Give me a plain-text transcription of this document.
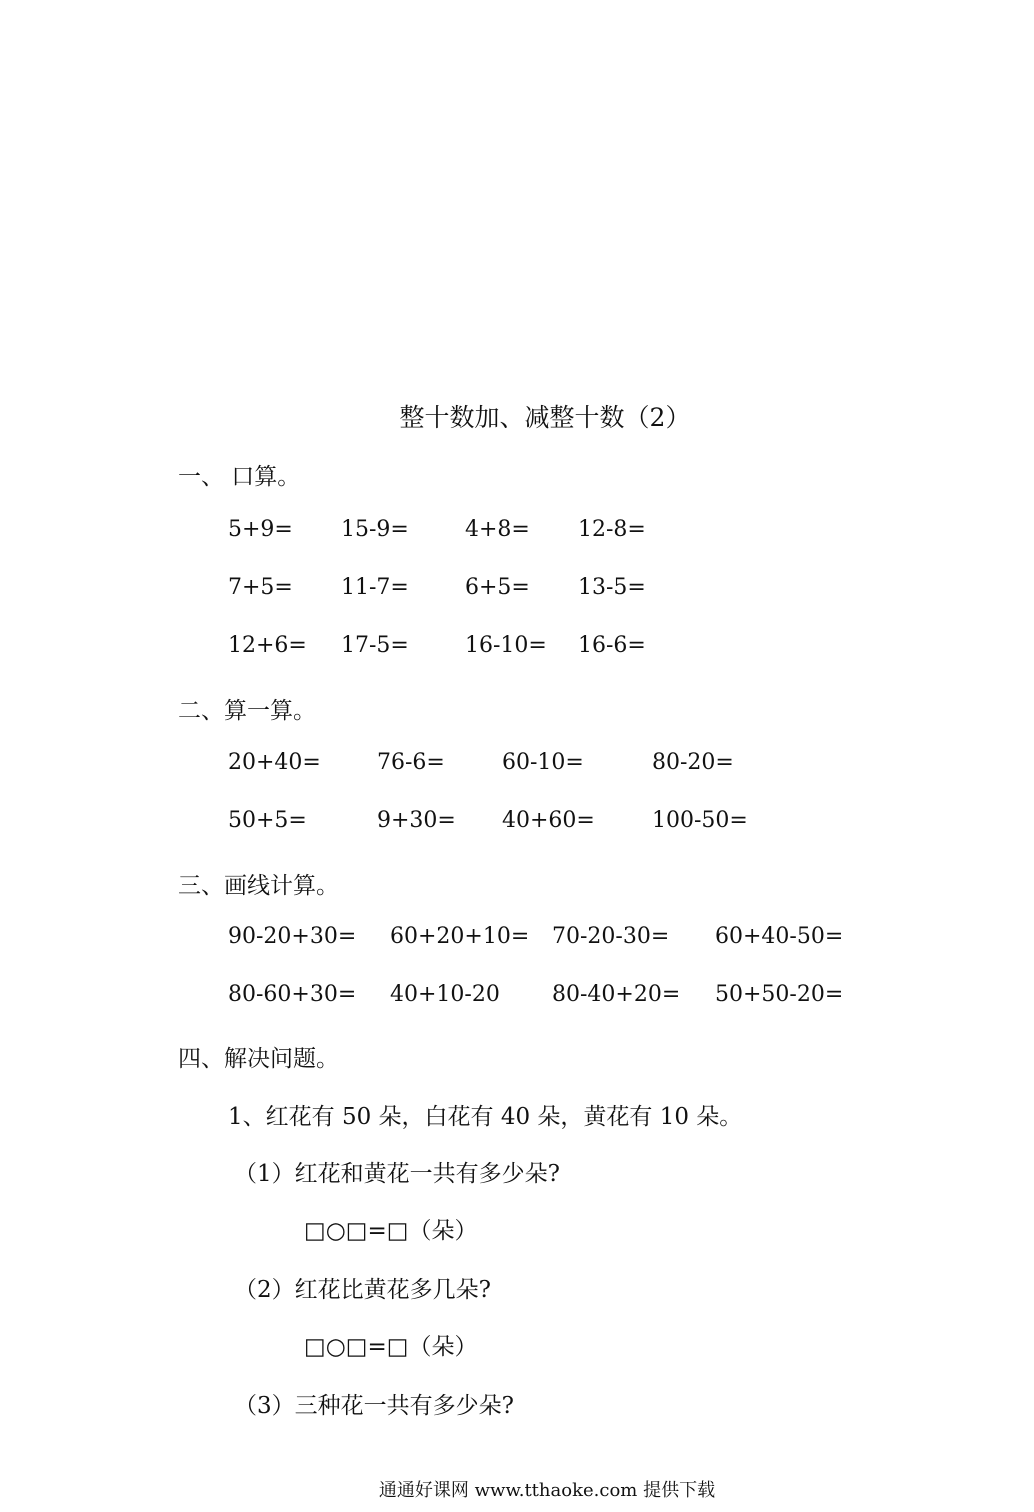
整十数加、减整十数（2）
一、 口算。
5+9= 15-9=	4+8= 12-8=
7+5= 11-7=	6+5= 13-5=
12+6= 17-5=	16-10= 16-6=
二、算一算。
20+40=	76-6=	60-10=	80-20=
50+5=	9+30= 40+60=	100-50=
三、画线计算。
90-20+30= 60+20+10= 70-20-30= 60+40-50=
80-60+30= 40+10-20 80-40+20= 50+50-20=
四、解决问题。
1、红花有 50 朵，白花有 40 朵，黄花有 10 朵。
（1）红花和黄花一共有多少朵?
□○□=□（朵）
（2）红花比黄花多几朵?
□○□=□（朵）
（3）三种花一共有多少朵?
通通好课网 www.tthaoke.com 提供下载
